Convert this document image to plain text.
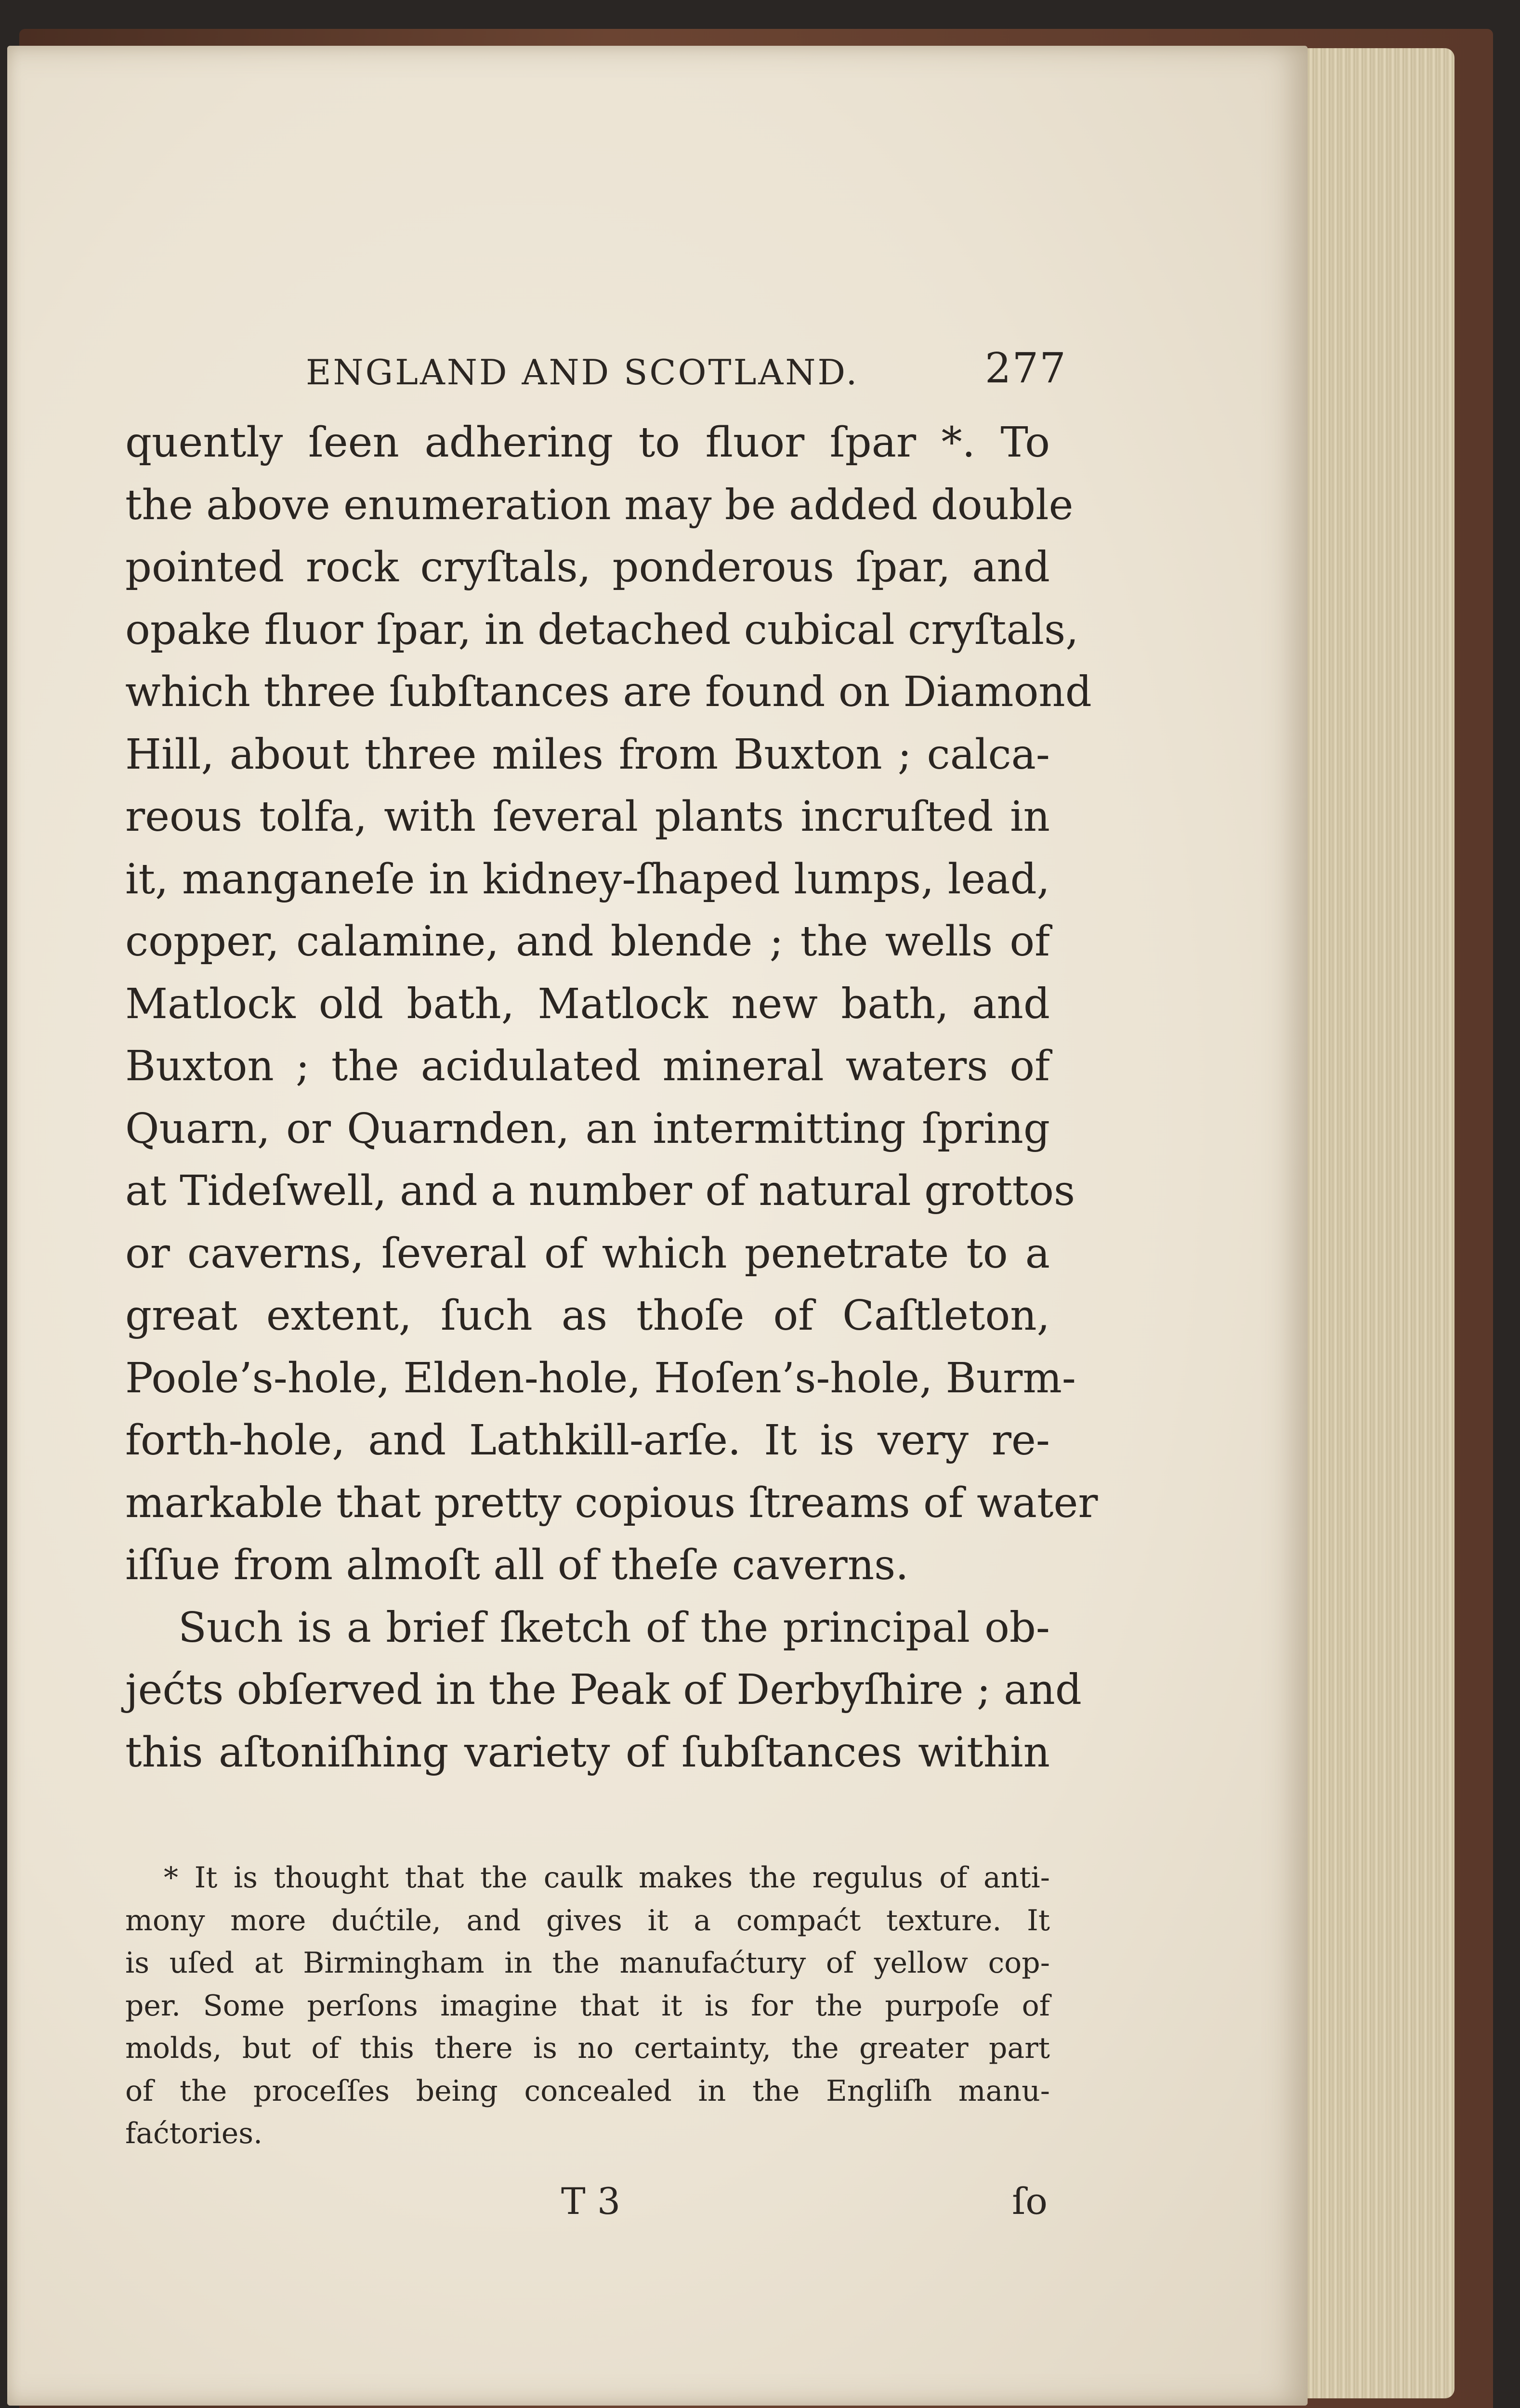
ENGLAND AND SCOTLAND.	277
quently ſeen adhering to fluor ſpar *. To
the above enumeration may be added double
pointed rock cryſtals, ponderous ſpar, and
opake fluor ſpar, in detached cubical cryſtals,
which three ſubſtances are found on Diamond
Hill, about three miles from Buxton ; calca-
reous tolfa, with ſeveral plants incruſted in
it, manganeſe in kidney-ſhaped lumps, lead,
copper, calamine, and blende ; the wells of
Matlock old bath, Matlock new bath, and
Buxton ; the acidulated mineral waters of
Quarn, or Quarnden, an intermitting ſpring
at Tideſwell, and a number of natural grottos
or caverns, ſeveral of which penetrate to a
great extent, ſuch as thoſe of Caſtleton,
Poole’s-hole, Elden-hole, Hoſen’s-hole, Burm-
forth-hole, and Lathkill-arſe. It is very re-
markable that pretty copious ſtreams of water
iſſue from almoſt all of theſe caverns.
Such is a brief ſketch of the principal ob-
jećts obſerved in the Peak of Derbyſhire ; and
this aſtoniſhing variety of ſubſtances within
* It is thought that the caulk makes the regulus of anti-
mony more dućtile, and gives it a compaćt texture. It
is uſed at Birmingham in the manufaćtury of yellow cop-
per. Some perſons imagine that it is for the purpoſe of
molds, but of this there is no certainty, the greater part
of the proceſſes being concealed in the Engliſh manu-
faćtories.
T 3	ſo
